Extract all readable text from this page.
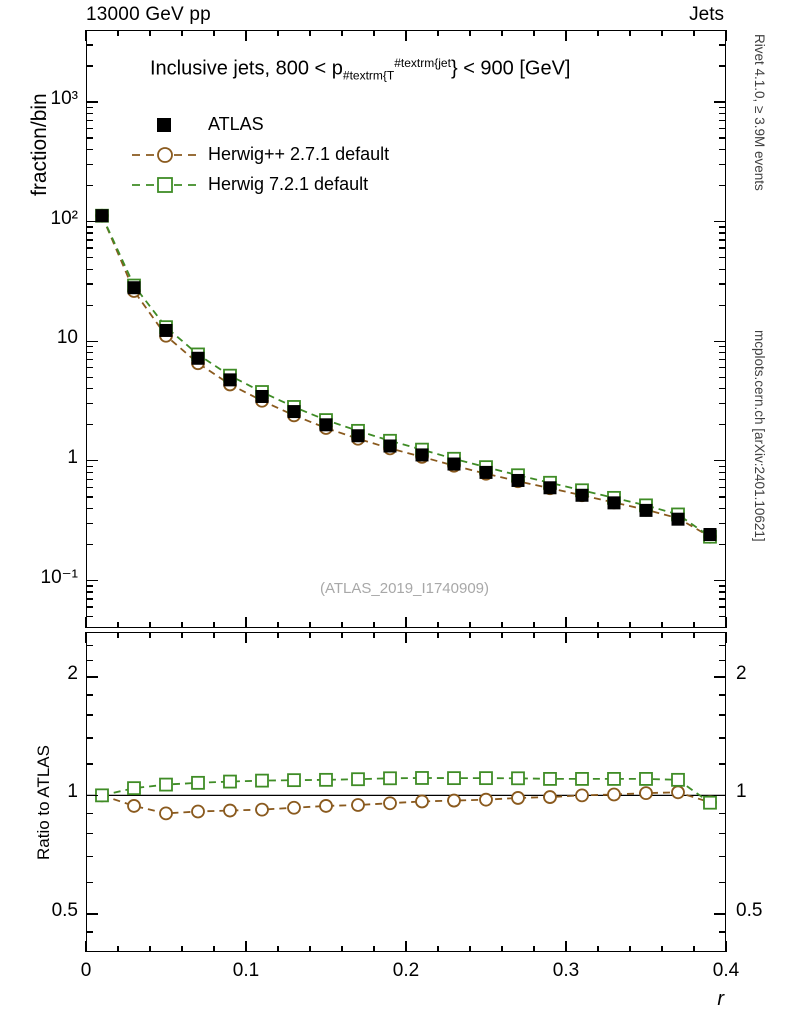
13000 GeV pp	Jets
Rivet 4.1.0, ≥ 3.9M events
mcplots.cern.ch [arXiv:2401.10621]
fraction/bin
Ratio to ATLAS
r
Inclusive jets, $800 < p_{\#textrm\{T}^{\#textrm\{jet}\} < 900$ [GeV]
ATLAS
Herwig++ 2.7.1 default
Herwig 7.2.1 default
(ATLAS_2019_I1740909)
10³
10²
10
1
10⁻¹
0	0.1	0.2	0.3	0.4
2	2
1	1
0.5	0.5
